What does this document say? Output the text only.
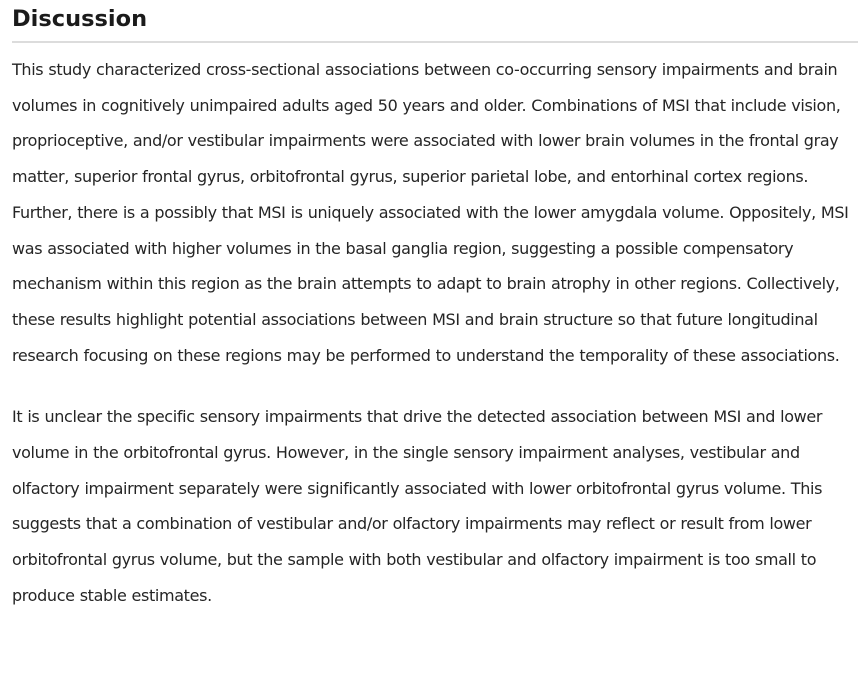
Discussion

This study characterized cross-sectional associations between co-occurring sensory impairments and brain volumes in cognitively unimpaired adults aged 50 years and older. Combinations of MSI that include vision, proprioceptive, and/or vestibular impairments were associated with lower brain volumes in the frontal gray matter, superior frontal gyrus, orbitofrontal gyrus, superior parietal lobe, and entorhinal cortex regions. Further, there is a possibly that MSI is uniquely associated with the lower amygdala volume. Oppositely, MSI was associated with higher volumes in the basal ganglia region, suggesting a possible compensatory mechanism within this region as the brain attempts to adapt to brain atrophy in other regions. Collectively, these results highlight potential associations between MSI and brain structure so that future longitudinal research focusing on these regions may be performed to understand the temporality of these associations.

It is unclear the specific sensory impairments that drive the detected association between MSI and lower volume in the orbitofrontal gyrus. However, in the single sensory impairment analyses, vestibular and olfactory impairment separately were significantly associated with lower orbitofrontal gyrus volume. This suggests that a combination of vestibular and/or olfactory impairments may reflect or result from lower orbitofrontal gyrus volume, but the sample with both vestibular and olfactory impairment is too small to produce stable estimates.
